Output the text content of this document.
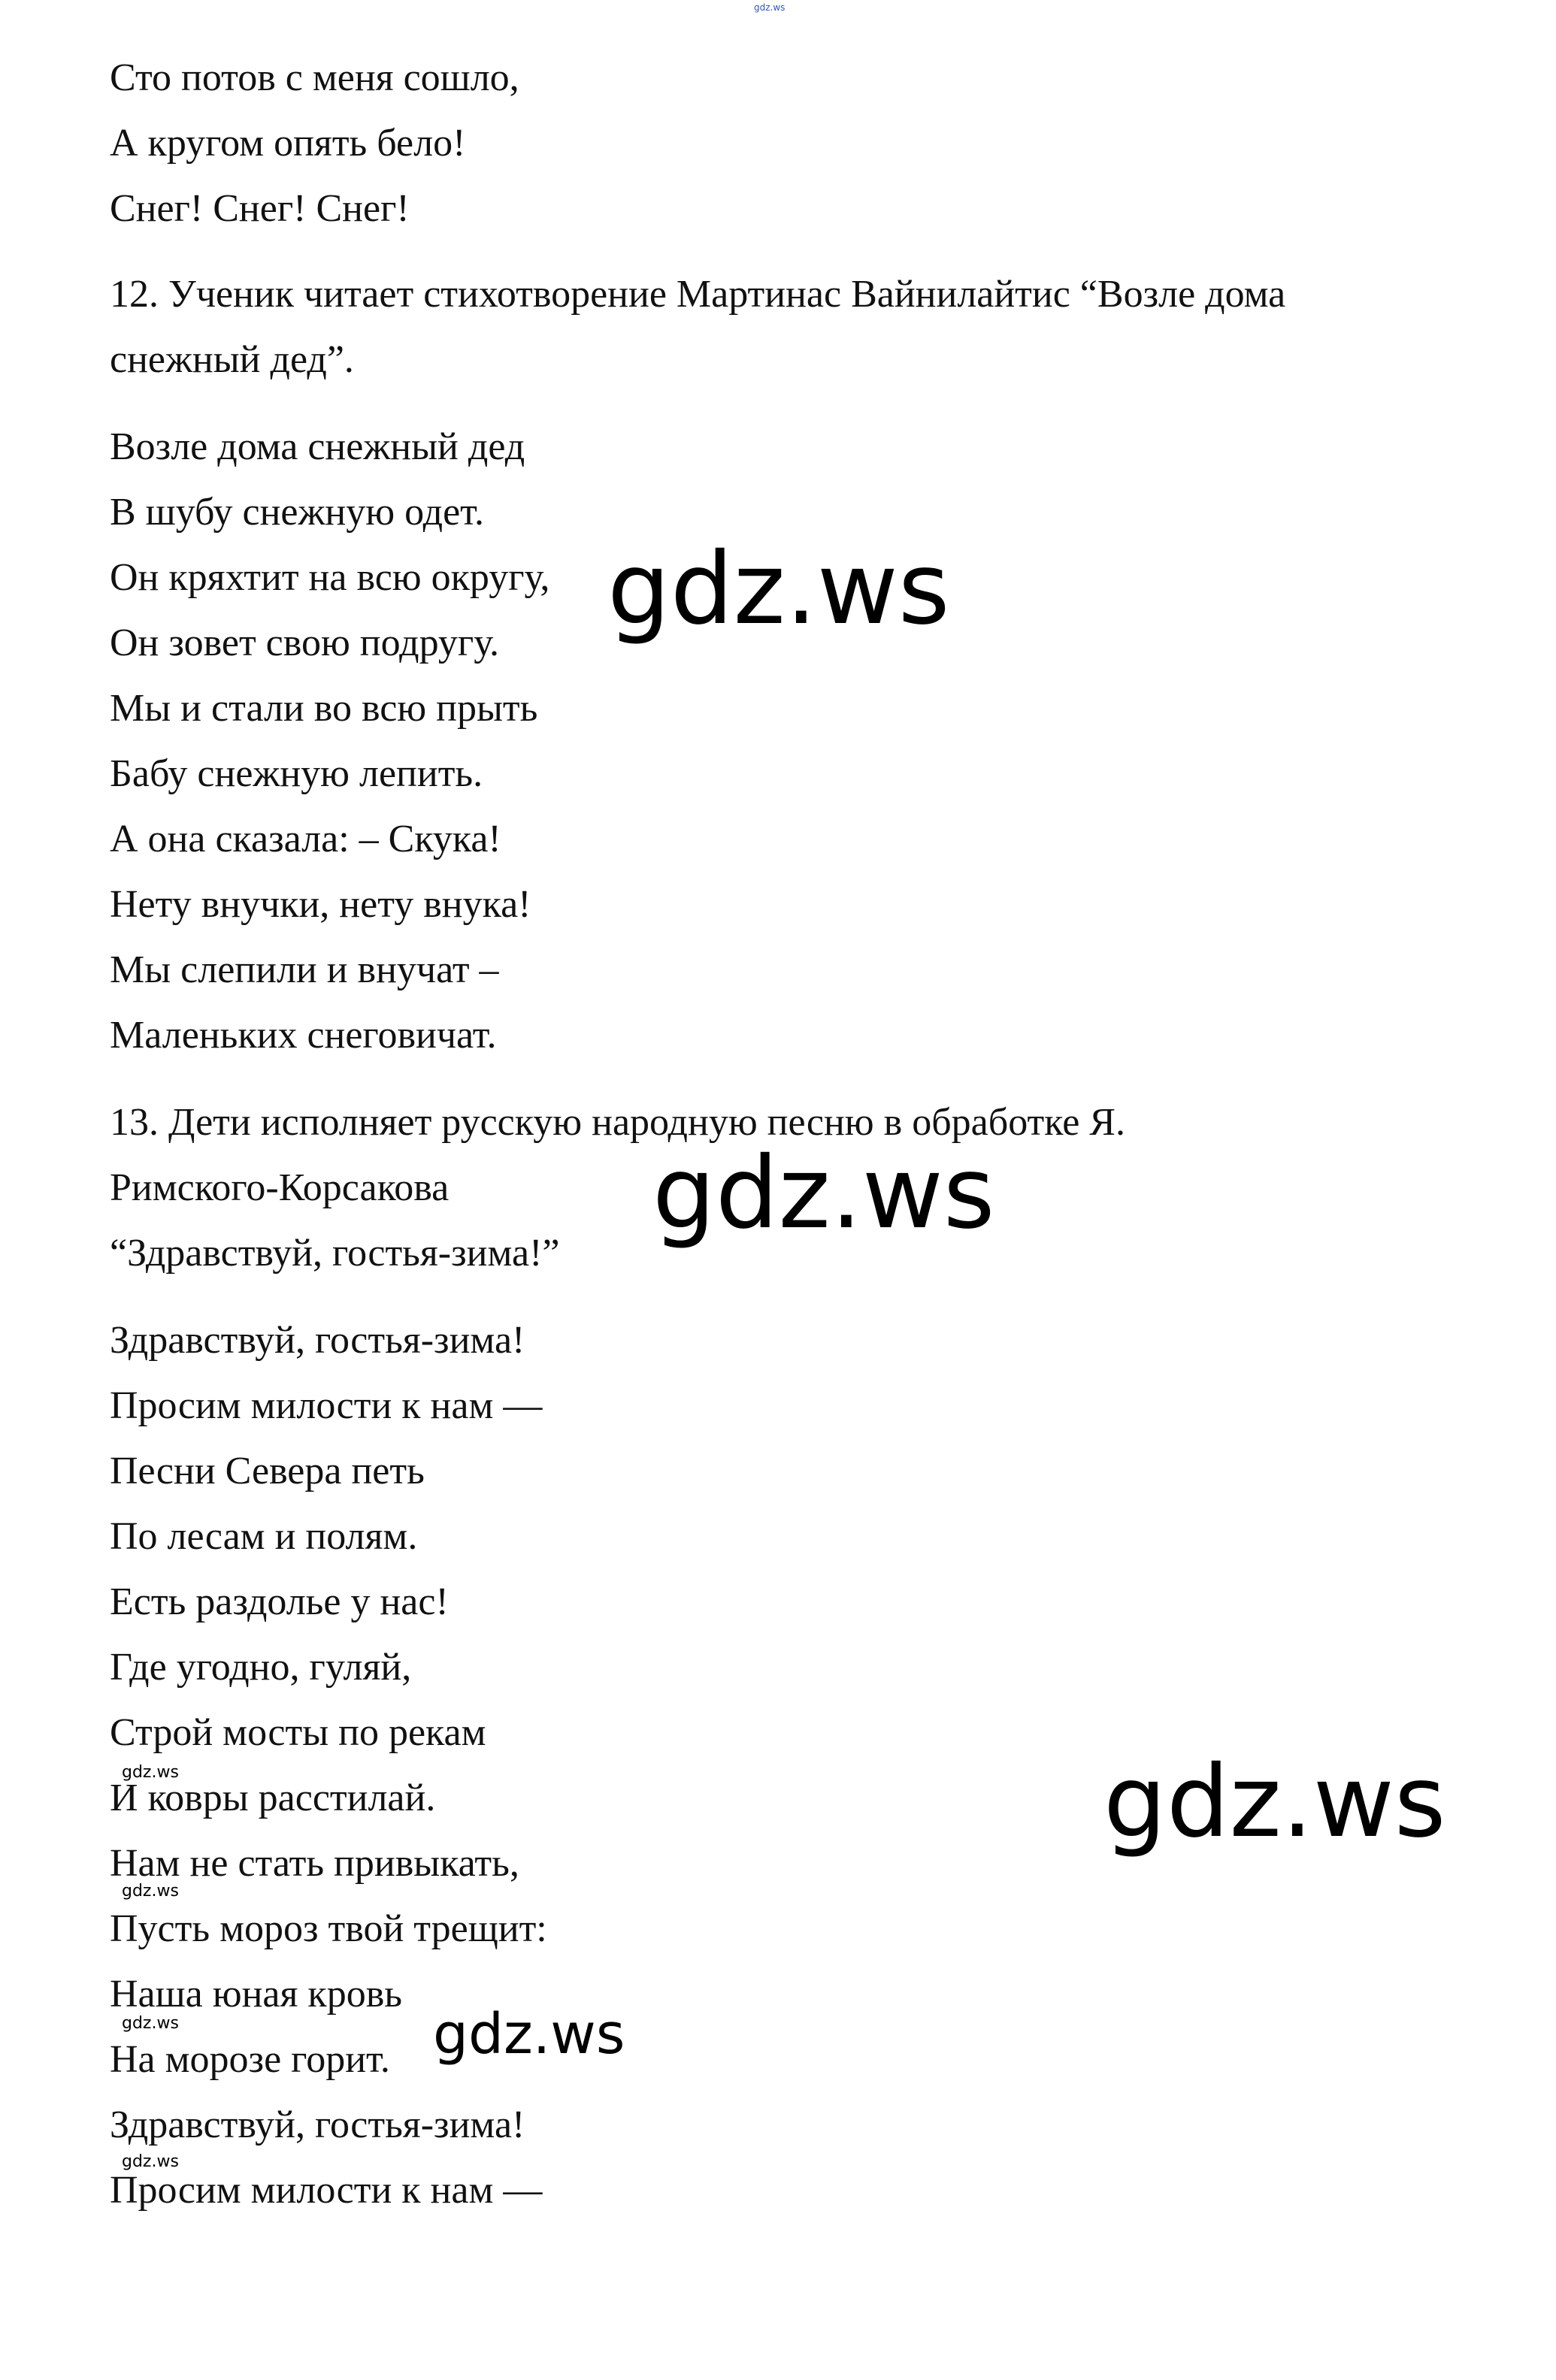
gdz.ws
Сто потов с меня сошло,
А кругом опять бело!
Снег! Снег! Снег!
12. Ученик читает стихотворение Мартинас Вайнилайтис “Возле дома
снежный дед”.
Возле дома снежный дед
В шубу снежную одет.
Он кряхтит на всю округу,
Он зовет свою подругу.
Мы и стали во всю прыть
Бабу снежную лепить.
А она сказала: – Скука!
Нету внучки, нету внука!
Мы слепили и внучат –
Маленьких снеговичат.
13. Дети исполняет русскую народную песню в обработке Я.
Римского-Корсакова
“Здравствуй, гостья-зима!”
Здравствуй, гостья-зима!
Просим милости к нам —
Песни Севера петь
По лесам и полям.
Есть раздолье у нас!
Где угодно, гуляй,
Строй мосты по рекам
И ковры расстилай.
Нам не стать привыкать,
Пусть мороз твой трещит:
Наша юная кровь
На морозе горит.
Здравствуй, гостья-зима!
Просим милости к нам —
gdz.ws
gdz.ws
gdz.ws
gdz.ws
gdz.ws
gdz.ws
gdz.ws
gdz.ws
